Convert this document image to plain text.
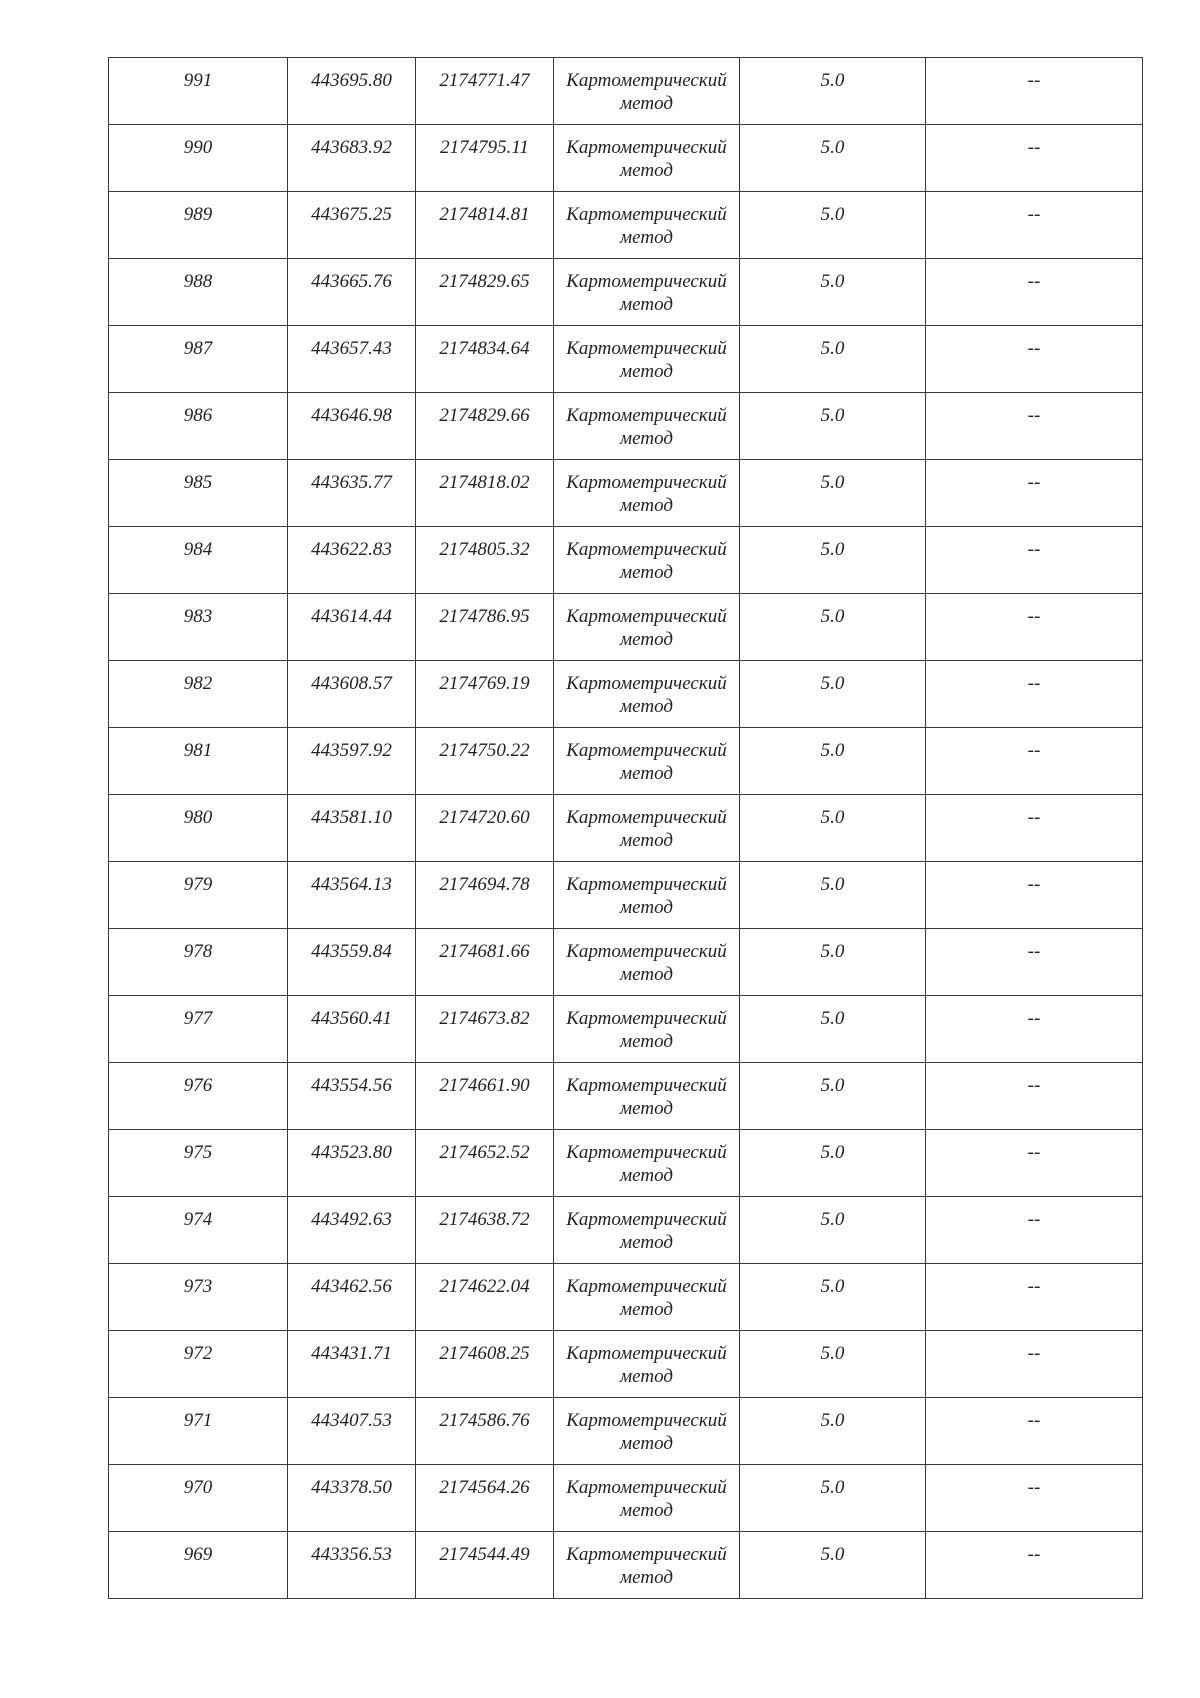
991	443695.80	2174771.47	Картометрический метод	5.0	--
990	443683.92	2174795.11	Картометрический метод	5.0	--
989	443675.25	2174814.81	Картометрический метод	5.0	--
988	443665.76	2174829.65	Картометрический метод	5.0	--
987	443657.43	2174834.64	Картометрический метод	5.0	--
986	443646.98	2174829.66	Картометрический метод	5.0	--
985	443635.77	2174818.02	Картометрический метод	5.0	--
984	443622.83	2174805.32	Картометрический метод	5.0	--
983	443614.44	2174786.95	Картометрический метод	5.0	--
982	443608.57	2174769.19	Картометрический метод	5.0	--
981	443597.92	2174750.22	Картометрический метод	5.0	--
980	443581.10	2174720.60	Картометрический метод	5.0	--
979	443564.13	2174694.78	Картометрический метод	5.0	--
978	443559.84	2174681.66	Картометрический метод	5.0	--
977	443560.41	2174673.82	Картометрический метод	5.0	--
976	443554.56	2174661.90	Картометрический метод	5.0	--
975	443523.80	2174652.52	Картометрический метод	5.0	--
974	443492.63	2174638.72	Картометрический метод	5.0	--
973	443462.56	2174622.04	Картометрический метод	5.0	--
972	443431.71	2174608.25	Картометрический метод	5.0	--
971	443407.53	2174586.76	Картометрический метод	5.0	--
970	443378.50	2174564.26	Картометрический метод	5.0	--
969	443356.53	2174544.49	Картометрический метод	5.0	--
